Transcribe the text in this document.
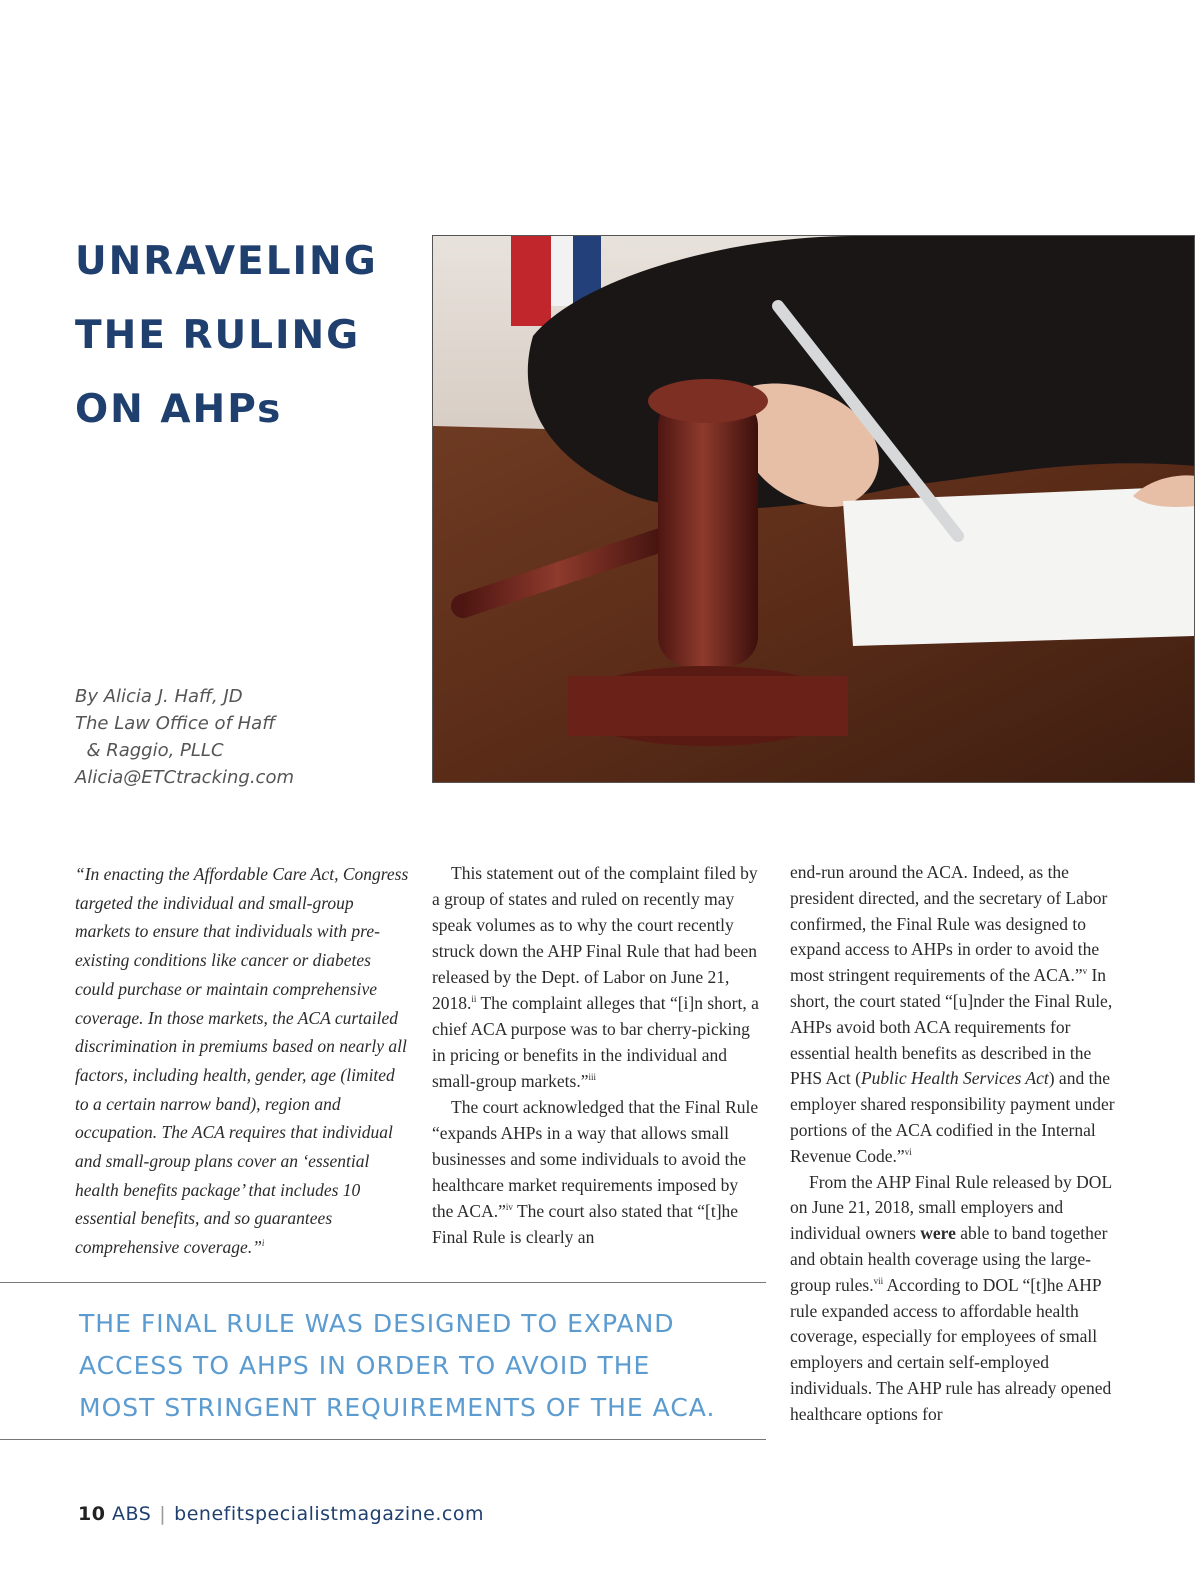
UNRAVELING
THE RULING
ON AHPs
By Alicia J. Haff, JD
The Law Office of Haff
& Raggio, PLLC
Alicia@ETCtracking.com

“In enacting the Affordable Care Act, Congress targeted the individual and small-group markets to ensure that individuals with pre-existing conditions like cancer or diabetes could purchase or maintain comprehensive coverage. In those markets, the ACA curtailed discrimination in premiums based on nearly all factors, including health, gender, age (limited to a certain narrow band), region and occupation. The ACA requires that individual and small-group plans cover an ‘essential health benefits package’ that includes 10 essential benefits, and so guarantees comprehensive coverage.”$^i$

This statement out of the complaint filed by a group of states and ruled on recently may speak volumes as to why the court recently struck down the AHP Final Rule that had been released by the Dept. of Labor on June 21, 2018.$^{ii}$ The complaint alleges that “[i]n short, a chief ACA purpose was to bar cherry-picking in pricing or benefits in the individual and small-group markets.”$^{iii}$

The court acknowledged that the Final Rule “expands AHPs in a way that allows small businesses and some individuals to avoid the healthcare market requirements imposed by the ACA.”$^{iv}$ The court also stated that “[t]he Final Rule is clearly an

end-run around the ACA. Indeed, as the president directed, and the secretary of Labor confirmed, the Final Rule was designed to expand access to AHPs in order to avoid the most stringent requirements of the ACA.”$^v$ In short, the court stated “[u]nder the Final Rule, AHPs avoid both ACA requirements for essential health benefits as described in the PHS Act (Public Health Services Act) and the employer shared responsibility payment under portions of the ACA codified in the Internal Revenue Code.”$^{vi}$

From the AHP Final Rule released by DOL on June 21, 2018, small employers and individual owners were able to band together and obtain health coverage using the large-group rules.$^{vii}$ According to DOL “[t]he AHP rule expanded access to affordable health coverage, especially for employees of small employers and certain self-employed individuals. The AHP rule has already opened healthcare options for

THE FINAL RULE WAS DESIGNED TO EXPAND
ACCESS TO AHPS IN ORDER TO AVOID THE
MOST STRINGENT REQUIREMENTS OF THE ACA.
10 ABS | benefitspecialistmagazine.com
